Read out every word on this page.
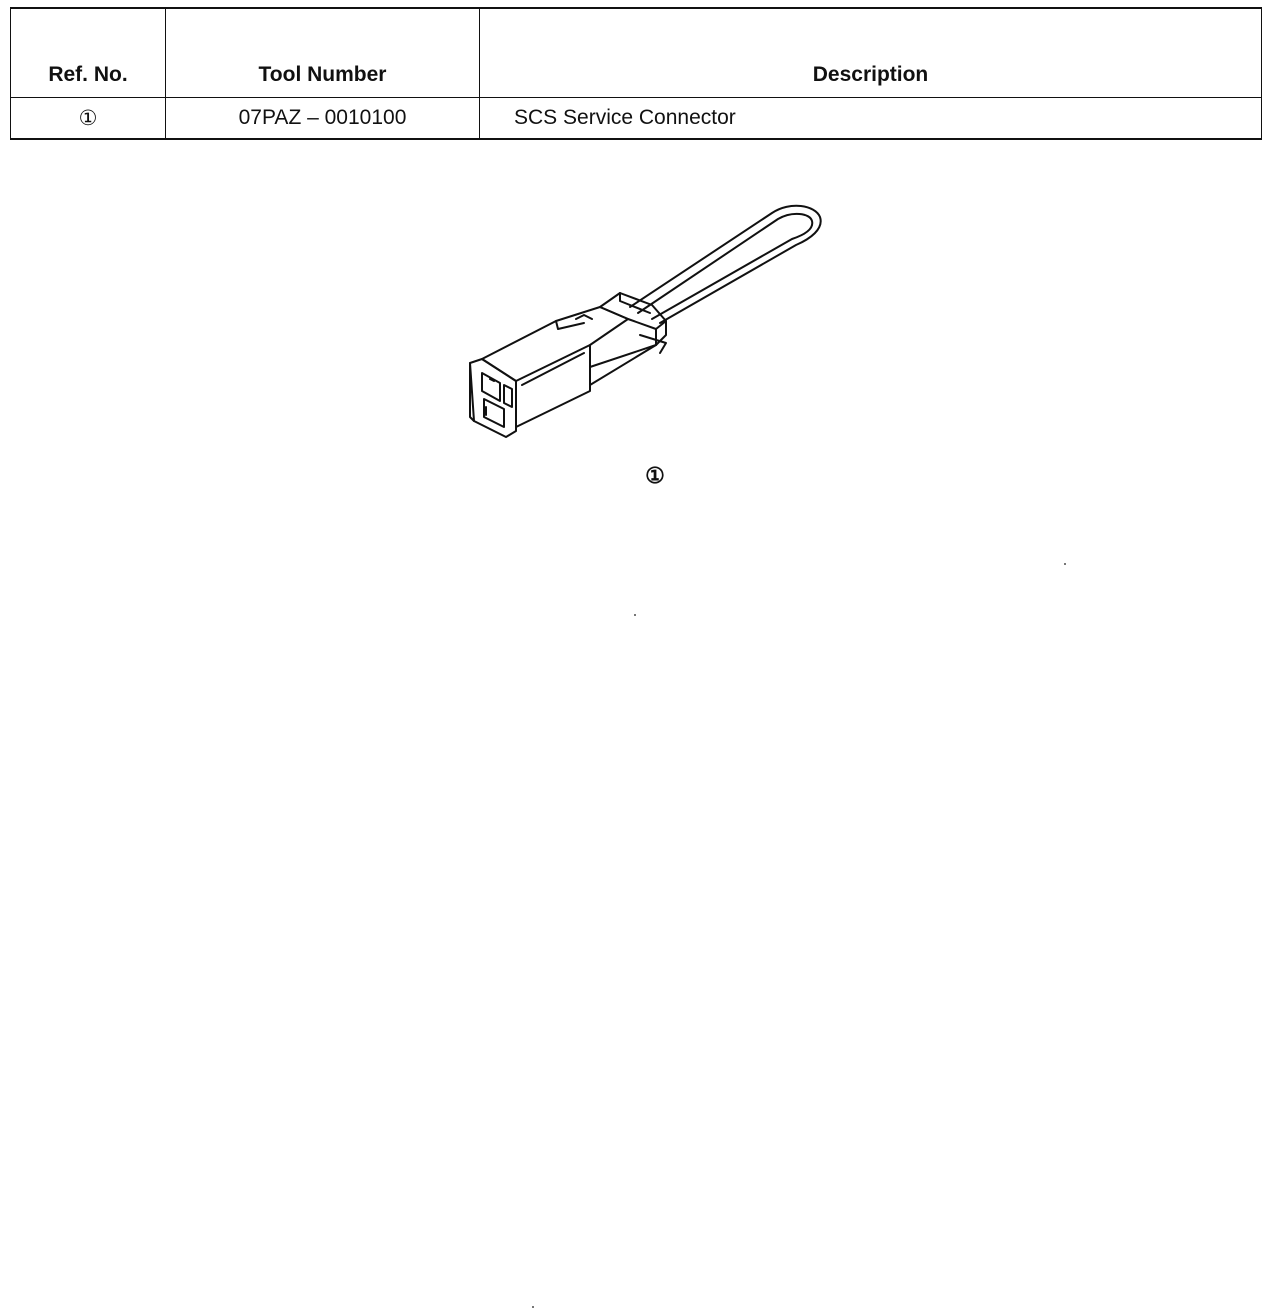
Ref. No.	Tool Number	Description
①	07PAZ – 0010100	SCS Service Connector
①
